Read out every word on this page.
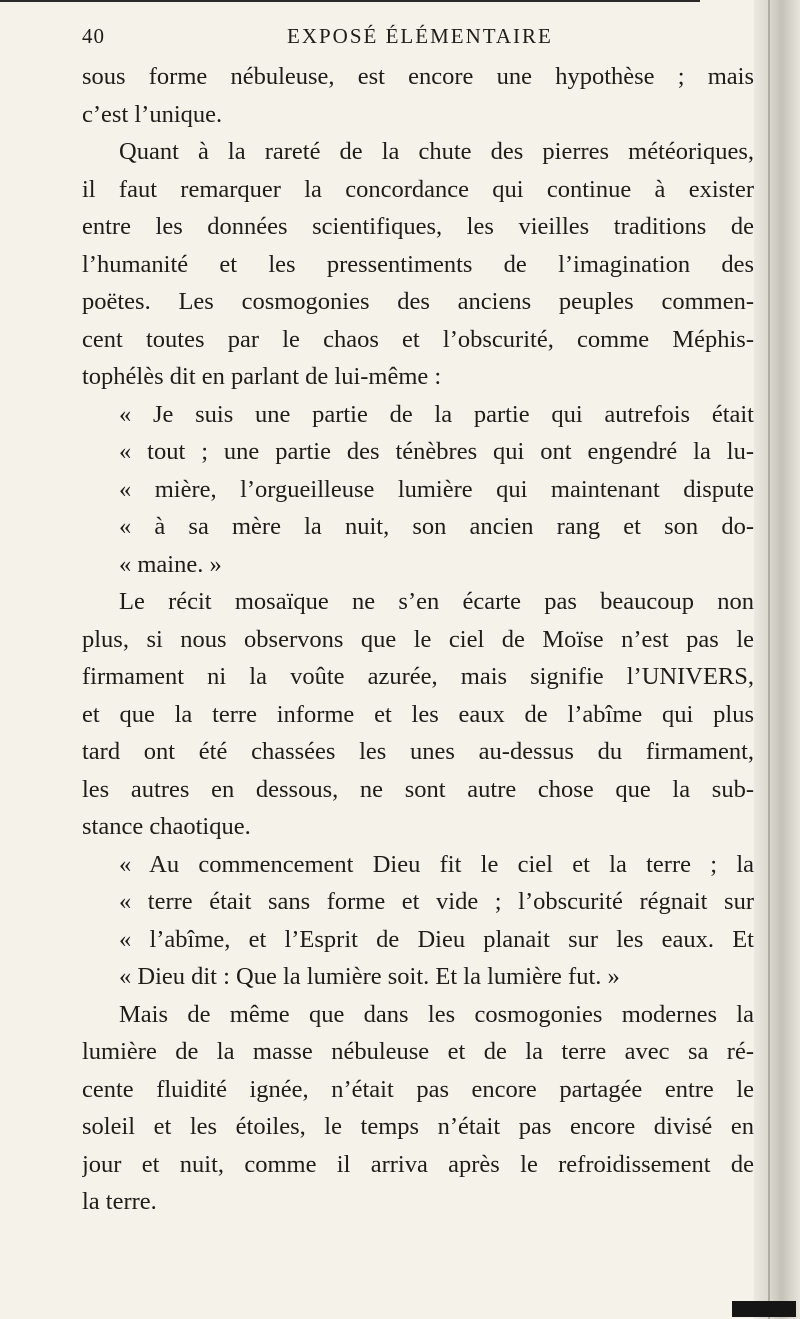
40	EXPOSÉ ÉLÉMENTAIRE
sous forme nébuleuse, est encore une hypothèse ; mais
c’est l’unique.
Quant à la rareté de la chute des pierres météoriques,
il faut remarquer la concordance qui continue à exister
entre les données scientifiques, les vieilles traditions de
l’humanité et les pressentiments de l’imagination des
poëtes. Les cosmogonies des anciens peuples commen-
cent toutes par le chaos et l’obscurité, comme Méphis-
tophélès dit en parlant de lui-même :
« Je suis une partie de la partie qui autrefois était
« tout ; une partie des ténèbres qui ont engendré la lu-
« mière, l’orgueilleuse lumière qui maintenant dispute
« à sa mère la nuit, son ancien rang et son do-
« maine. »
Le récit mosaïque ne s’en écarte pas beaucoup non
plus, si nous observons que le ciel de Moïse n’est pas le
firmament ni la voûte azurée, mais signifie l’UNIVERS,
et que la terre informe et les eaux de l’abîme qui plus
tard ont été chassées les unes au-dessus du firmament,
les autres en dessous, ne sont autre chose que la sub-
stance chaotique.
« Au commencement Dieu fit le ciel et la terre ; la
« terre était sans forme et vide ; l’obscurité régnait sur
« l’abîme, et l’Esprit de Dieu planait sur les eaux. Et
« Dieu dit : Que la lumière soit. Et la lumière fut. »
Mais de même que dans les cosmogonies modernes la
lumière de la masse nébuleuse et de la terre avec sa ré-
cente fluidité ignée, n’était pas encore partagée entre le
soleil et les étoiles, le temps n’était pas encore divisé en
jour et nuit, comme il arriva après le refroidissement de
la terre.
